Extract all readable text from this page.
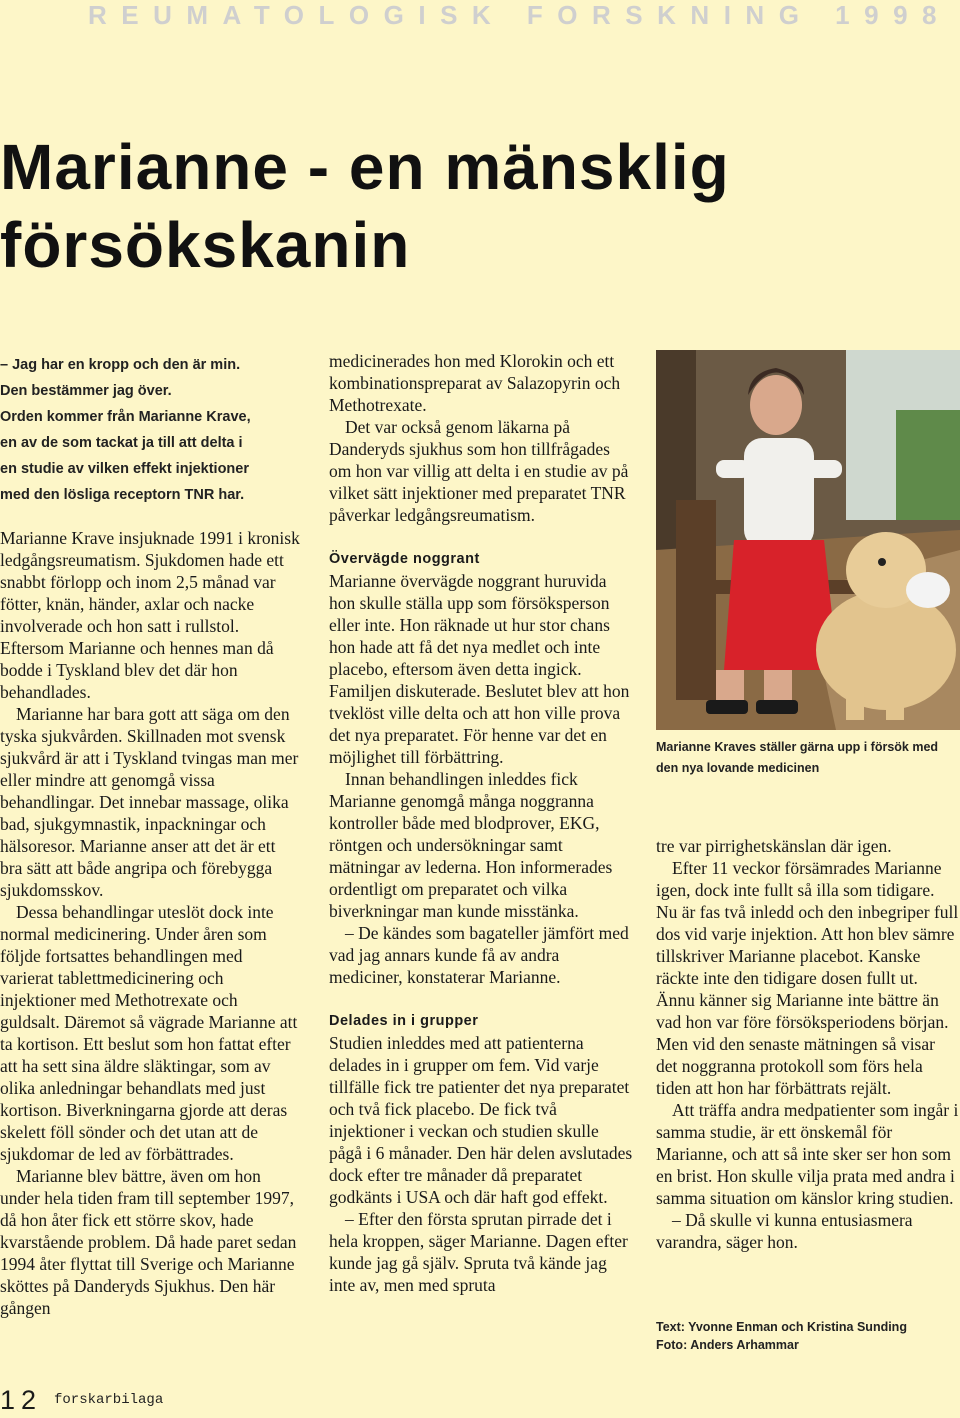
REUMATOLOGISK FORSKNING 1998
Marianne - en mänsklig
försökskanin

– Jag har en kropp och den är min.

Den bestämmer jag över.

Orden kommer från Marianne Krave,

en av de som tackat ja till att delta i

en studie av vilken effekt injektioner

med den lösliga receptorn TNR har.

Marianne Krave insjuknade 1991 i kronisk ledgångsreumatism. Sjukdomen hade ett snabbt förlopp och inom 2,5 månad var fötter, knän, händer, axlar och nacke involverade och hon satt i rullstol. Eftersom Marianne och hennes man då bodde i Tyskland blev det där hon behandlades.

Marianne har bara gott att säga om den tyska sjukvården. Skillnaden mot svensk sjukvård är att i Tyskland tvingas man mer eller mindre att genomgå vissa behandlingar. Det innebar massage, olika bad, sjukgymnastik, inpackningar och hälsoresor. Marianne anser att det är ett bra sätt att både angripa och förebygga sjukdomsskov.

Dessa behandlingar uteslöt dock inte normal medicinering. Under åren som följde fortsattes behandlingen med varierat tablettmedicinering och injektioner med Methotrexate och guldsalt. Däremot så vägrade Marianne att ta kortison. Ett beslut som hon fattat efter att ha sett sina äldre släktingar, som av olika anledningar behandlats med just kortison. Biverkningarna gjorde att deras skelett föll sönder och det utan att de sjukdomar de led av förbättrades.

Marianne blev bättre, även om hon under hela tiden fram till september 1997, då hon åter fick ett större skov, hade kvarstående problem. Då hade paret sedan 1994 åter flyttat till Sverige och Marianne sköttes på Danderyds Sjukhus. Den här gången

medicinerades hon med Klorokin och ett kombinationspreparat av Salazopyrin och Methotrexate.

Det var också genom läkarna på Danderyds sjukhus som hon tillfrågades om hon var villig att delta i en studie av på vilket sätt injektioner med preparatet TNR påverkar ledgångsreumatism.

Övervägde noggrant

Marianne övervägde noggrant huruvida hon skulle ställa upp som försöksperson eller inte. Hon räknade ut hur stor chans hon hade att få det nya medlet och inte placebo, eftersom även detta ingick. Familjen diskuterade. Beslutet blev att hon tveklöst ville delta och att hon ville prova det nya preparatet. För henne var det en möjlighet till förbättring.

Innan behandlingen inleddes fick Marianne genomgå många noggranna kontroller både med blodprover, EKG, röntgen och undersökningar samt mätningar av lederna. Hon informerades ordentligt om preparatet och vilka biverkningar man kunde misstänka.

– De kändes som bagateller jämfört med vad jag annars kunde få av andra mediciner, konstaterar Marianne.

Delades in i grupper

Studien inleddes med att patienterna delades in i grupper om fem. Vid varje tillfälle fick tre patienter det nya preparatet och två fick placebo. De fick två injektioner i veckan och studien skulle pågå i 6 månader. Den här delen avslutades dock efter tre månader då preparatet godkänts i USA och där haft god effekt.

– Efter den första sprutan pirrade det i hela kroppen, säger Marianne. Dagen efter kunde jag gå själv. Spruta två kände jag inte av, men med spruta

Marianne Kraves ställer gärna upp i försök med den nya lovande medicinen

tre var pirrighetskänslan där igen.

Efter 11 veckor försämrades Marianne igen, dock inte fullt så illa som tidigare. Nu är fas två inledd och den inbegriper full dos vid varje injektion. Att hon blev sämre tillskriver Marianne placebot. Kanske räckte inte den tidigare dosen fullt ut. Ännu känner sig Marianne inte bättre än vad hon var före försöksperiodens början. Men vid den senaste mätningen så visar det noggranna protokoll som förs hela tiden att hon har förbättrats rejält.

Att träffa andra medpatienter som ingår i samma studie, är ett önskemål för Marianne, och att så inte sker ser hon som en brist. Hon skulle vilja prata med andra i samma situation om känslor kring studien.

– Då skulle vi kunna entusiasmera varandra, säger hon.

Text: Yvonne Enman och Kristina Sunding

Foto: Anders Arhammar

12 forskarbilaga
